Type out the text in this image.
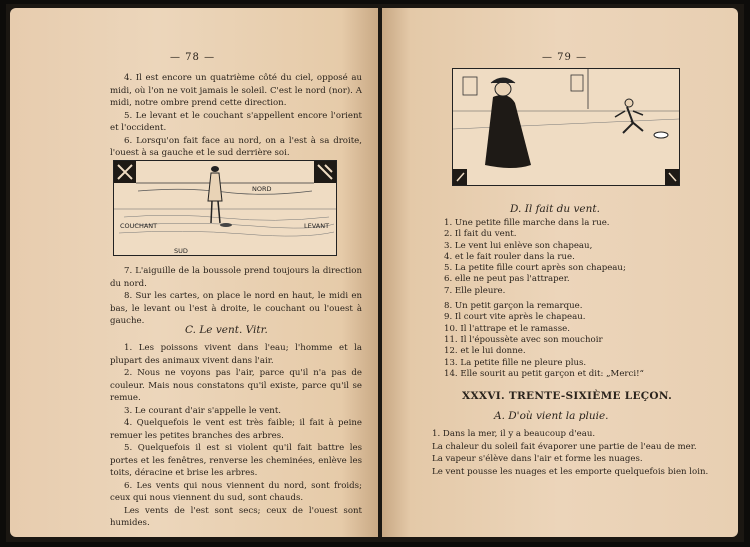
— 78 —

4. Il est encore un quatrième côté du ciel, opposé au midi, où l'on ne voit jamais le soleil. C'est le nord (nor). A midi, notre ombre prend cette direction.

5. Le levant et le couchant s'appellent encore l'orient et l'occident.

6. Lorsqu'on fait face au nord, on a l'est à sa droite, l'ouest à sa gauche et le sud derrière soi.

NORD
COUCHANT	LEVANT
SUD

7. L'aiguille de la boussole prend toujours la direction du nord.

8. Sur les cartes, on place le nord en haut, le midi en bas, le levant ou l'est à droite, le couchant ou l'ouest à gauche.

C. Le vent. Vitr.

1. Les poissons vivent dans l'eau; l'homme et la plupart des animaux vivent dans l'air.

2. Nous ne voyons pas l'air, parce qu'il n'a pas de couleur. Mais nous constatons qu'il existe, parce qu'il se remue.

3. Le courant d'air s'appelle le vent.

4. Quelquefois le vent est très faible; il fait à peine remuer les petites branches des arbres.

5. Quelquefois il est si violent qu'il fait battre les portes et les fenêtres, renverse les cheminées, enlève les toits, déracine et brise les arbres.

6. Les vents qui nous viennent du nord, sont froids; ceux qui nous viennent du sud, sont chauds.

Les vents de l'est sont secs; ceux de l'ouest sont humides.

— 79 —
D. Il fait du vent.
1. Une petite fille marche dans la rue.
2. Il fait du vent.
3. Le vent lui enlève son chapeau,
4. et le fait rouler dans la rue.
5. La petite fille court après son chapeau;
6. elle ne peut pas l'attraper.
7. Elle pleure.
8. Un petit garçon la remarque.
9. Il court vite après le chapeau.
10. Il l'attrape et le ramasse.
11. Il l'époussète avec son mouchoir
12. et le lui donne.
13. La petite fille ne pleure plus.
14. Elle sourit au petit garçon et dit: „Merci!“
XXXVI. TRENTE-SIXIÈME LEÇON.
A. D'où vient la pluie.

1. Dans la mer, il y a beaucoup d'eau.

La chaleur du soleil fait évaporer une partie de l'eau de mer.

La vapeur s'élève dans l'air et forme les nuages.

Le vent pousse les nuages et les emporte quelquefois bien loin.
